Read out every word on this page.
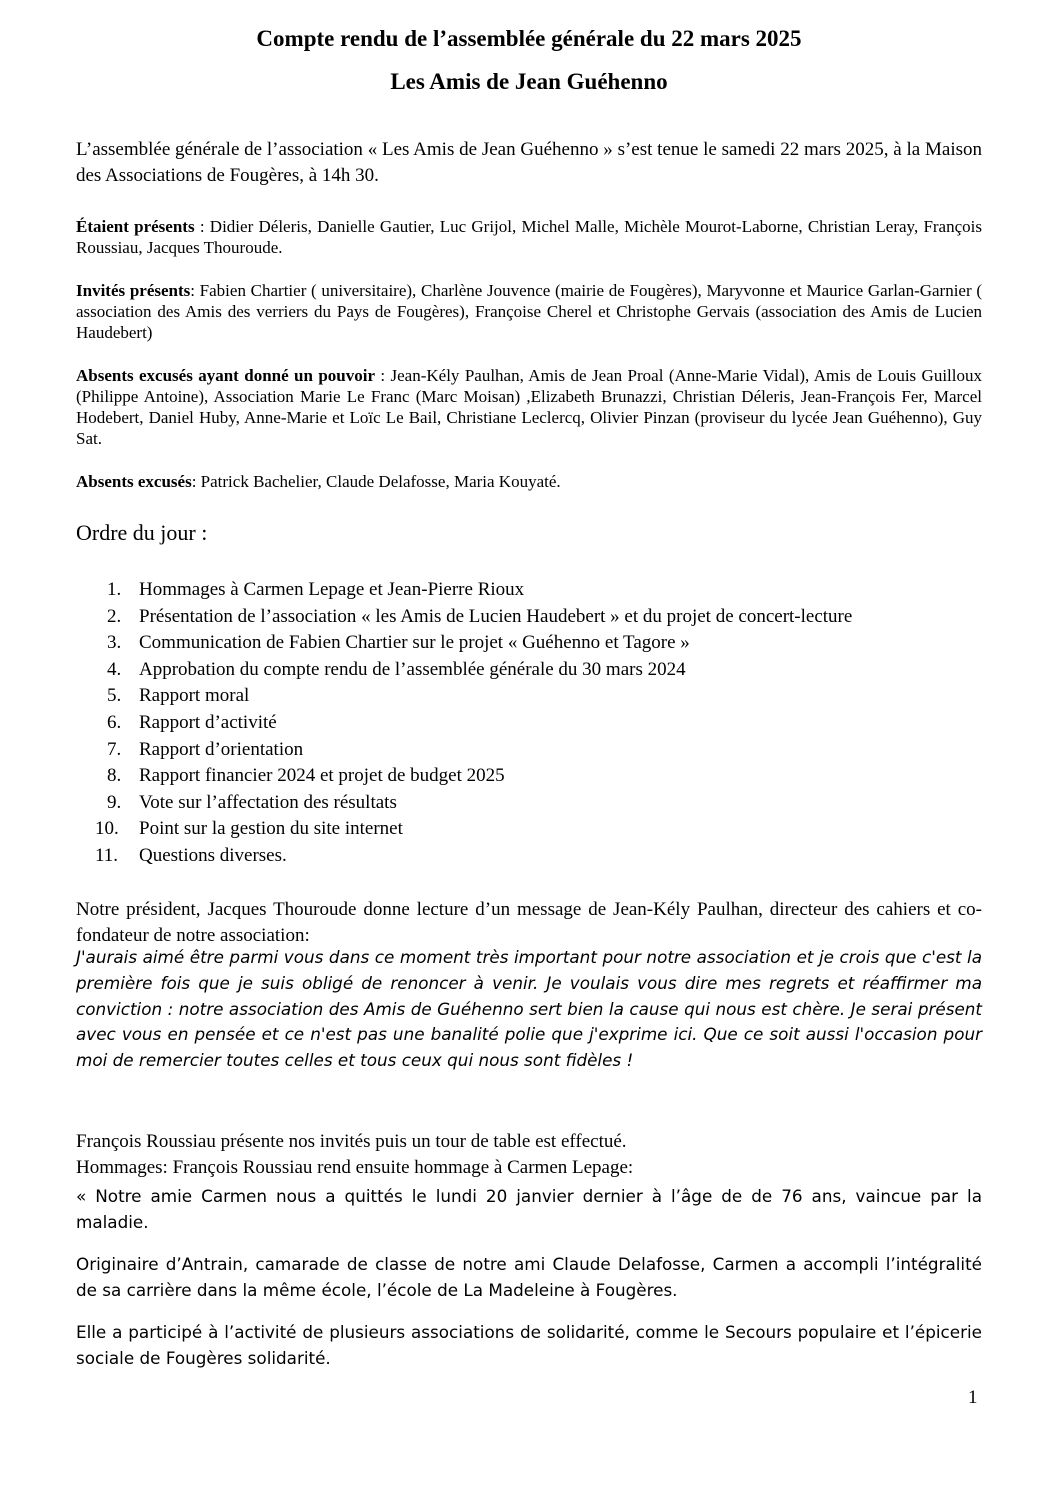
Compte rendu de l’assemblée générale du 22 mars 2025
Les Amis de Jean Guéhenno
L’assemblée générale de l’association « Les Amis de Jean Guéhenno » s’est tenue le samedi 22 mars 2025, à la Maison des Associations de Fougères, à 14h 30.
Étaient présents : Didier Déleris, Danielle Gautier, Luc Grijol, Michel Malle, Michèle Mourot-Laborne, Christian Leray, François Roussiau, Jacques Thouroude.
Invités présents: Fabien Chartier ( universitaire), Charlène Jouvence (mairie de Fougères), Maryvonne et Maurice Garlan-Garnier ( association des Amis des verriers du Pays de Fougères), Françoise Cherel et Christophe Gervais (association des Amis de Lucien Haudebert)
Absents excusés ayant donné un pouvoir : Jean-Kély Paulhan, Amis de Jean Proal (Anne-Marie Vidal), Amis de Louis Guilloux (Philippe Antoine), Association Marie Le Franc (Marc Moisan) ,Elizabeth Brunazzi, Christian Déleris, Jean-François Fer, Marcel Hodebert, Daniel Huby, Anne-Marie et Loïc Le Bail, Christiane Leclercq, Olivier Pinzan (proviseur du lycée Jean Guéhenno), Guy Sat.
Absents excusés: Patrick Bachelier, Claude Delafosse, Maria Kouyaté.
Ordre du jour :
1. Hommages à Carmen Lepage et Jean-Pierre Rioux
2. Présentation de l’association « les Amis de Lucien Haudebert » et du projet de concert-lecture
3. Communication de Fabien Chartier sur le projet « Guéhenno et Tagore »
4. Approbation du compte rendu de l’assemblée générale du 30 mars 2024
5. Rapport moral
6. Rapport d’activité
7. Rapport d’orientation
8. Rapport financier 2024 et projet de budget 2025
9. Vote sur l’affectation des résultats
10. Point sur la gestion du site internet
11. Questions diverses.
Notre président, Jacques Thouroude donne lecture d’un message de Jean-Kély Paulhan, directeur des cahiers et co-fondateur de notre association:
J'aurais aimé être parmi vous dans ce moment très important pour notre association et je crois que c'est la première fois que je suis obligé de renoncer à venir. Je voulais vous dire mes regrets et réaffirmer ma conviction : notre association des Amis de Guéhenno sert bien la cause qui nous est chère. Je serai présent avec vous en pensée et ce n'est pas une banalité polie que j'exprime ici. Que ce soit aussi l'occasion pour moi de remercier toutes celles et tous ceux qui nous sont fidèles !
François Roussiau présente nos invités puis un tour de table est effectué.
Hommages: François Roussiau rend ensuite hommage à Carmen Lepage:
« Notre amie Carmen nous a quittés le lundi 20 janvier dernier à l’âge de de 76 ans, vaincue par la maladie.
Originaire d’Antrain, camarade de classe de notre ami Claude Delafosse, Carmen a accompli l’intégralité de sa carrière dans la même école, l’école de La Madeleine à Fougères.
Elle a participé à l’activité de plusieurs associations de solidarité, comme le Secours populaire et l’épicerie sociale de Fougères solidarité.
1
